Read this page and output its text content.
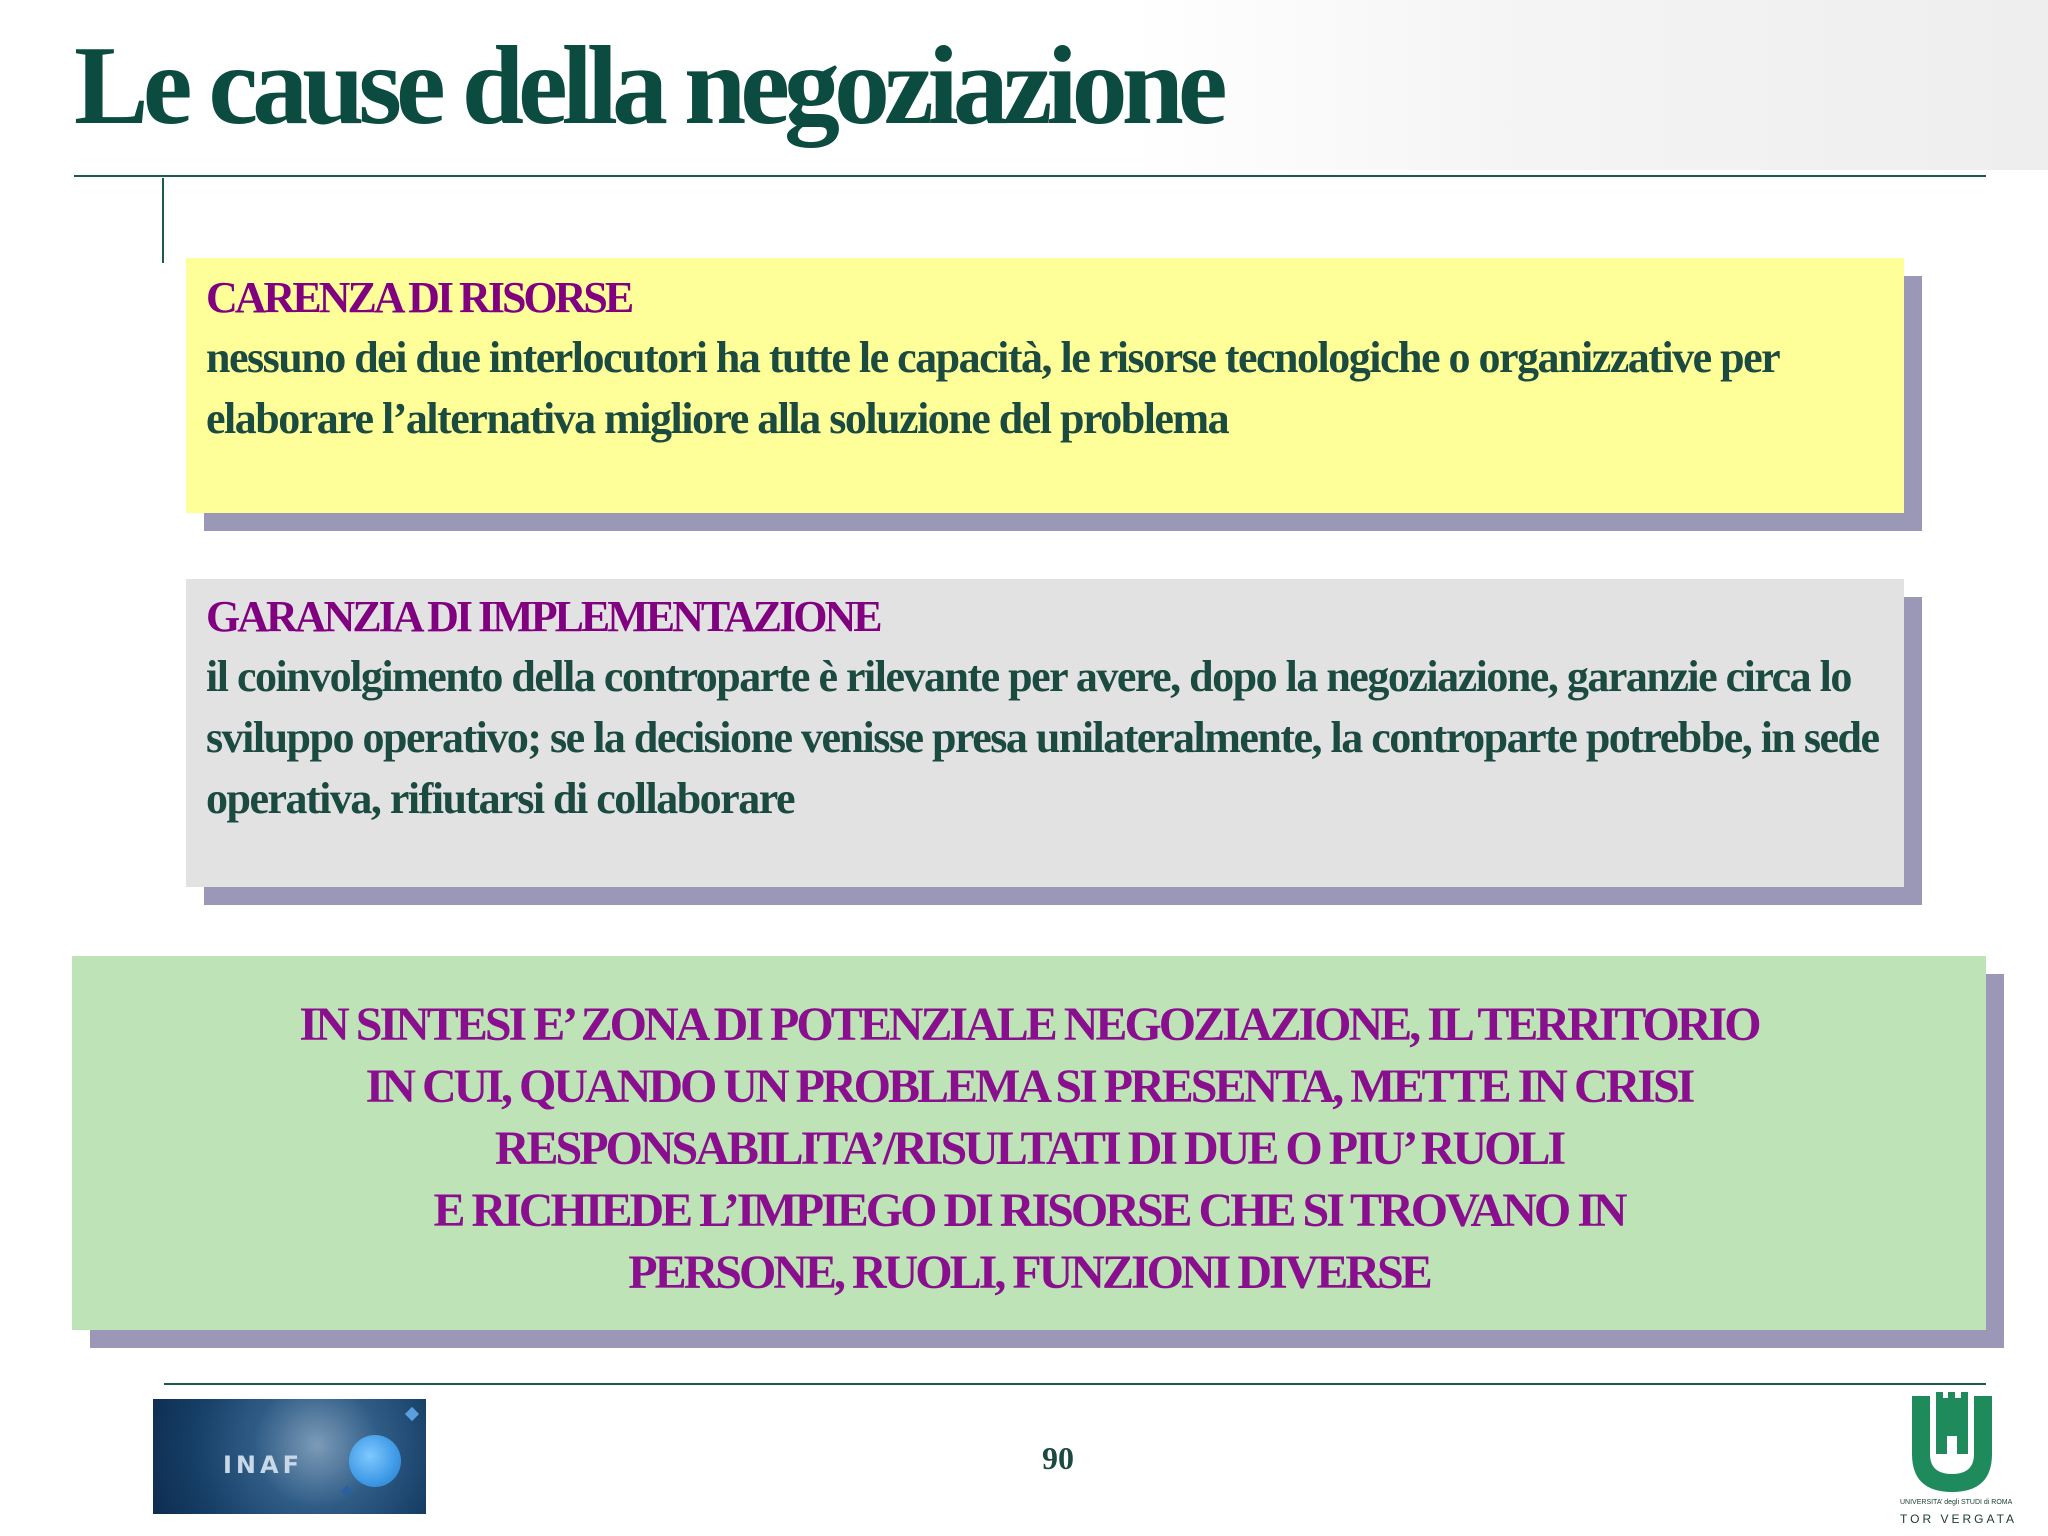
Le cause della negoziazione
CARENZA DI RISORSE
nessuno dei due interlocutori ha tutte le capacità, le risorse tecnologiche o organizzative per elaborare l’alternativa migliore alla soluzione del problema
GARANZIA DI IMPLEMENTAZIONE
il coinvolgimento della controparte è rilevante per avere, dopo la negoziazione, garanzie circa lo sviluppo operativo; se la decisione venisse presa unilateralmente, la controparte potrebbe, in sede operativa, rifiutarsi di collaborare
IN SINTESI E’ ZONA DI POTENZIALE NEGOZIAZIONE, IL TERRITORIO
IN CUI, QUANDO UN PROBLEMA SI PRESENTA, METTE IN CRISI
RESPONSABILITA’/RISULTATI DI DUE O PIU’ RUOLI
E RICHIEDE L’IMPIEGO DI RISORSE CHE SI TROVANO IN
PERSONE, RUOLI, FUNZIONI DIVERSE
INAF	90
UNIVERSITA’ degli STUDI di ROMA
TOR VERGATA
